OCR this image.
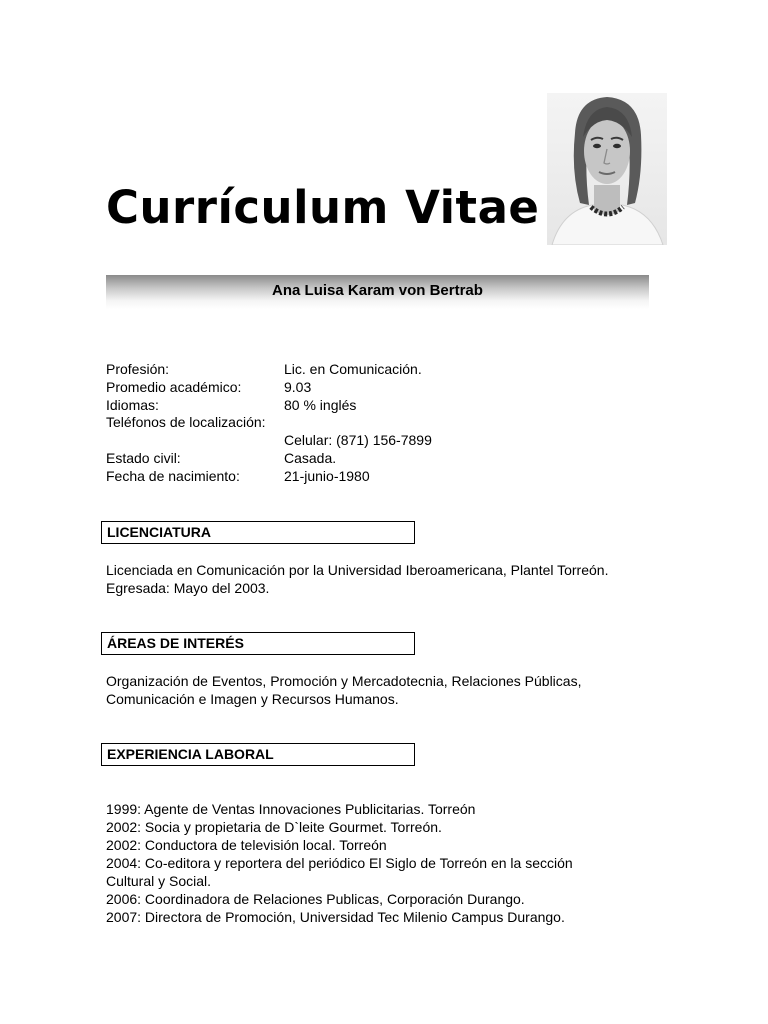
Currículum Vitae
Ana Luisa Karam von Bertrab
Profesión:	Lic. en Comunicación.
Promedio académico:	9.03
Idiomas:	80 % inglés
Teléfonos de localización:
Celular: (871) 156-7899
Estado civil:	Casada.
Fecha de nacimiento:	21-junio-1980
LICENCIATURA
Licenciada en Comunicación por la Universidad Iberoamericana, Plantel Torreón.
Egresada: Mayo del 2003.
ÁREAS DE INTERÉS
Organización de Eventos, Promoción y Mercadotecnia, Relaciones Públicas,
Comunicación e Imagen y Recursos Humanos.
EXPERIENCIA LABORAL
1999: Agente de Ventas Innovaciones Publicitarias. Torreón
2002: Socia y propietaria de D`leite Gourmet. Torreón.
2002: Conductora de televisión local. Torreón
2004: Co-editora y reportera del periódico El Siglo de Torreón en la sección
Cultural y Social.
2006: Coordinadora de Relaciones Publicas, Corporación Durango.
2007: Directora de Promoción, Universidad Tec Milenio Campus Durango.
